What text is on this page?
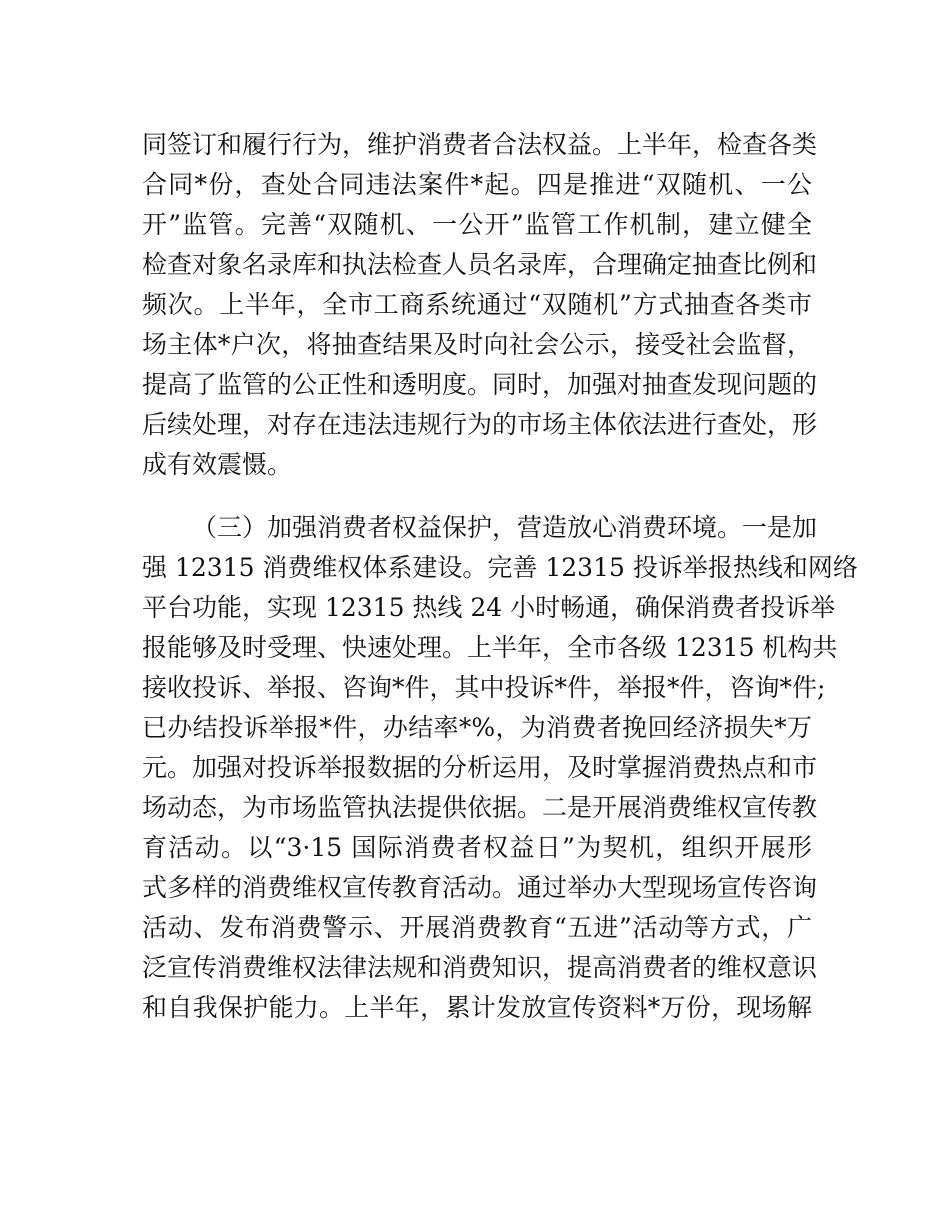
同签订和履行行为，维护消费者合法权益。上半年，检查各类
合同*份，查处合同违法案件*起。四是推进“双随机、一公
开”监管。完善“双随机、一公开”监管工作机制，建立健全
检查对象名录库和执法检查人员名录库，合理确定抽查比例和
频次。上半年，全市工商系统通过“双随机”方式抽查各类市
场主体*户次，将抽查结果及时向社会公示，接受社会监督，
提高了监管的公正性和透明度。同时，加强对抽查发现问题的
后续处理，对存在违法违规行为的市场主体依法进行查处，形
成有效震慑。
（三）加强消费者权益保护，营造放心消费环境。一是加
强 12315 消费维权体系建设。完善 12315 投诉举报热线和网络
平台功能，实现 12315 热线 24 小时畅通，确保消费者投诉举
报能够及时受理、快速处理。上半年，全市各级 12315 机构共
接收投诉、举报、咨询*件，其中投诉*件，举报*件，咨询*件;
已办结投诉举报*件，办结率*%，为消费者挽回经济损失*万
元。加强对投诉举报数据的分析运用，及时掌握消费热点和市
场动态，为市场监管执法提供依据。二是开展消费维权宣传教
育活动。以“3·15 国际消费者权益日”为契机，组织开展形
式多样的消费维权宣传教育活动。通过举办大型现场宣传咨询
活动、发布消费警示、开展消费教育“五进”活动等方式，广
泛宣传消费维权法律法规和消费知识，提高消费者的维权意识
和自我保护能力。上半年，累计发放宣传资料*万份，现场解
